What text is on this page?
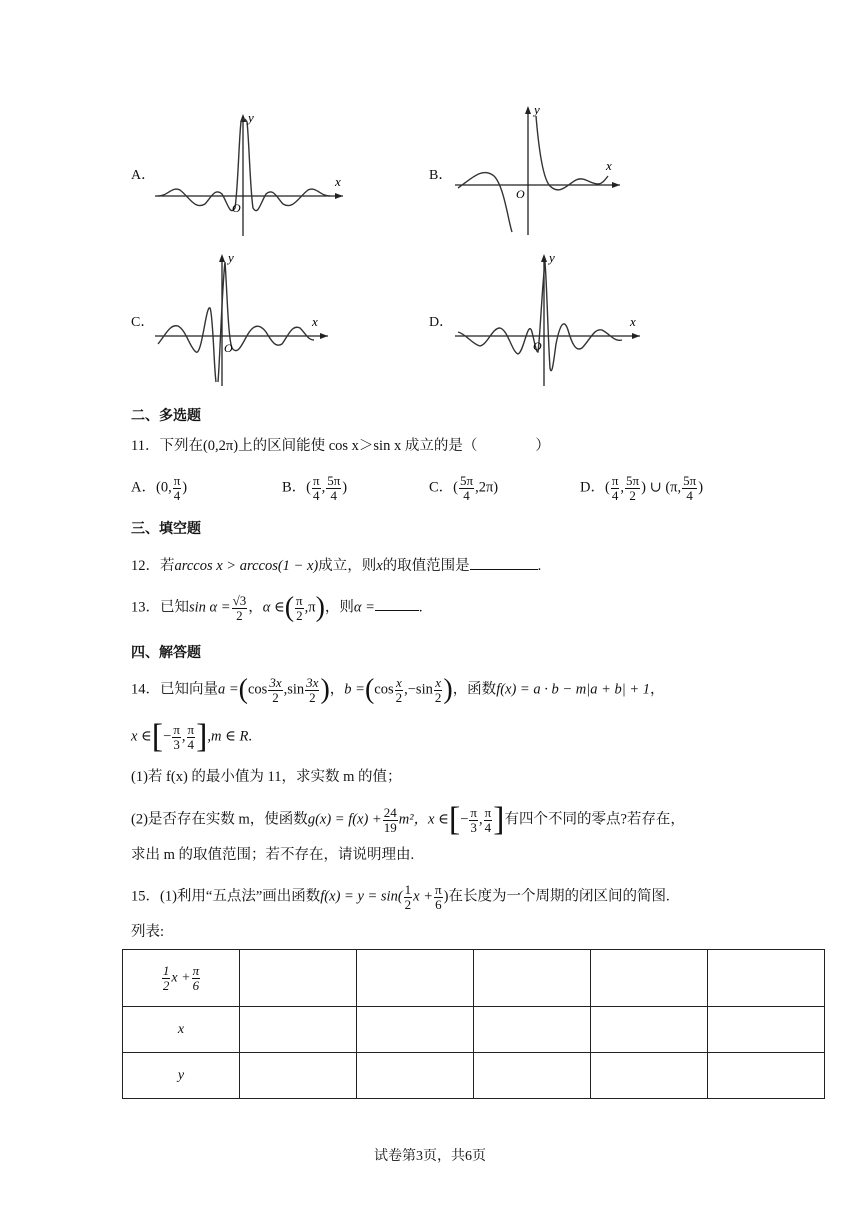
A．	x
y
O
B．
x
y
O
C．	x
y
O
D．	x
y
O
二、多选题
11．下列在(0,2π)上的区间能使 cos x＞sin x 成立的是（　　　　）
A．(0, $\frac{\pi}{4}$ )	B．( $\frac{\pi}{4}$ , $\frac{5\pi}{4}$ )	C．( $\frac{5\pi}{4} ,2\pi$)	D．( $\frac{\pi}{4}$ , $\frac{5\pi}{2}$ ) ∪ (π, $\frac{5\pi}{4}$ )
三、填空题
12．若arccos x > arccos(1 − x)成立，则x的取值范围是	.
13．已知$\sin \alpha = \frac{√3}{2}$ ，α ∈( $\frac{\pi}{2} ,\pi$)，则α =	.
四、解答题
14．已知向量$a =(\cos \frac{3x}{2} ,\sin \frac{3x}{2}$ )，$b =(\cos \frac{x}{2} ,-\sin \frac{x}{2}$ )，函数f(x) = a · b − m|a + b| + 1，
x ∈[− $\frac{\pi}{3}$ , $\frac{\pi}{4} ],m$ ∈ R.
(1)若 f(x) 的最小值为 11，求实数 m 的值；
(2)是否存在实数 m，使函数$g(x) = f(x) + \frac{24}{19} m^2$，x ∈[− $\frac{\pi}{3}$ , $\frac{\pi}{4}$ ]有四个不同的零点?若存在，
求出 m 的取值范围；若不存在，请说明理由.
15．(1)利用“五点法”画出函数$f(x) = y = \sin( \frac{1}{2}$ $x + \frac{\pi}{6}$ )在长度为一个周期的闭区间的简图.
列表:
$\frac{1}{2}$ $x + \frac{\pi}{6}$

x					
y					
试卷第3页，共6页
